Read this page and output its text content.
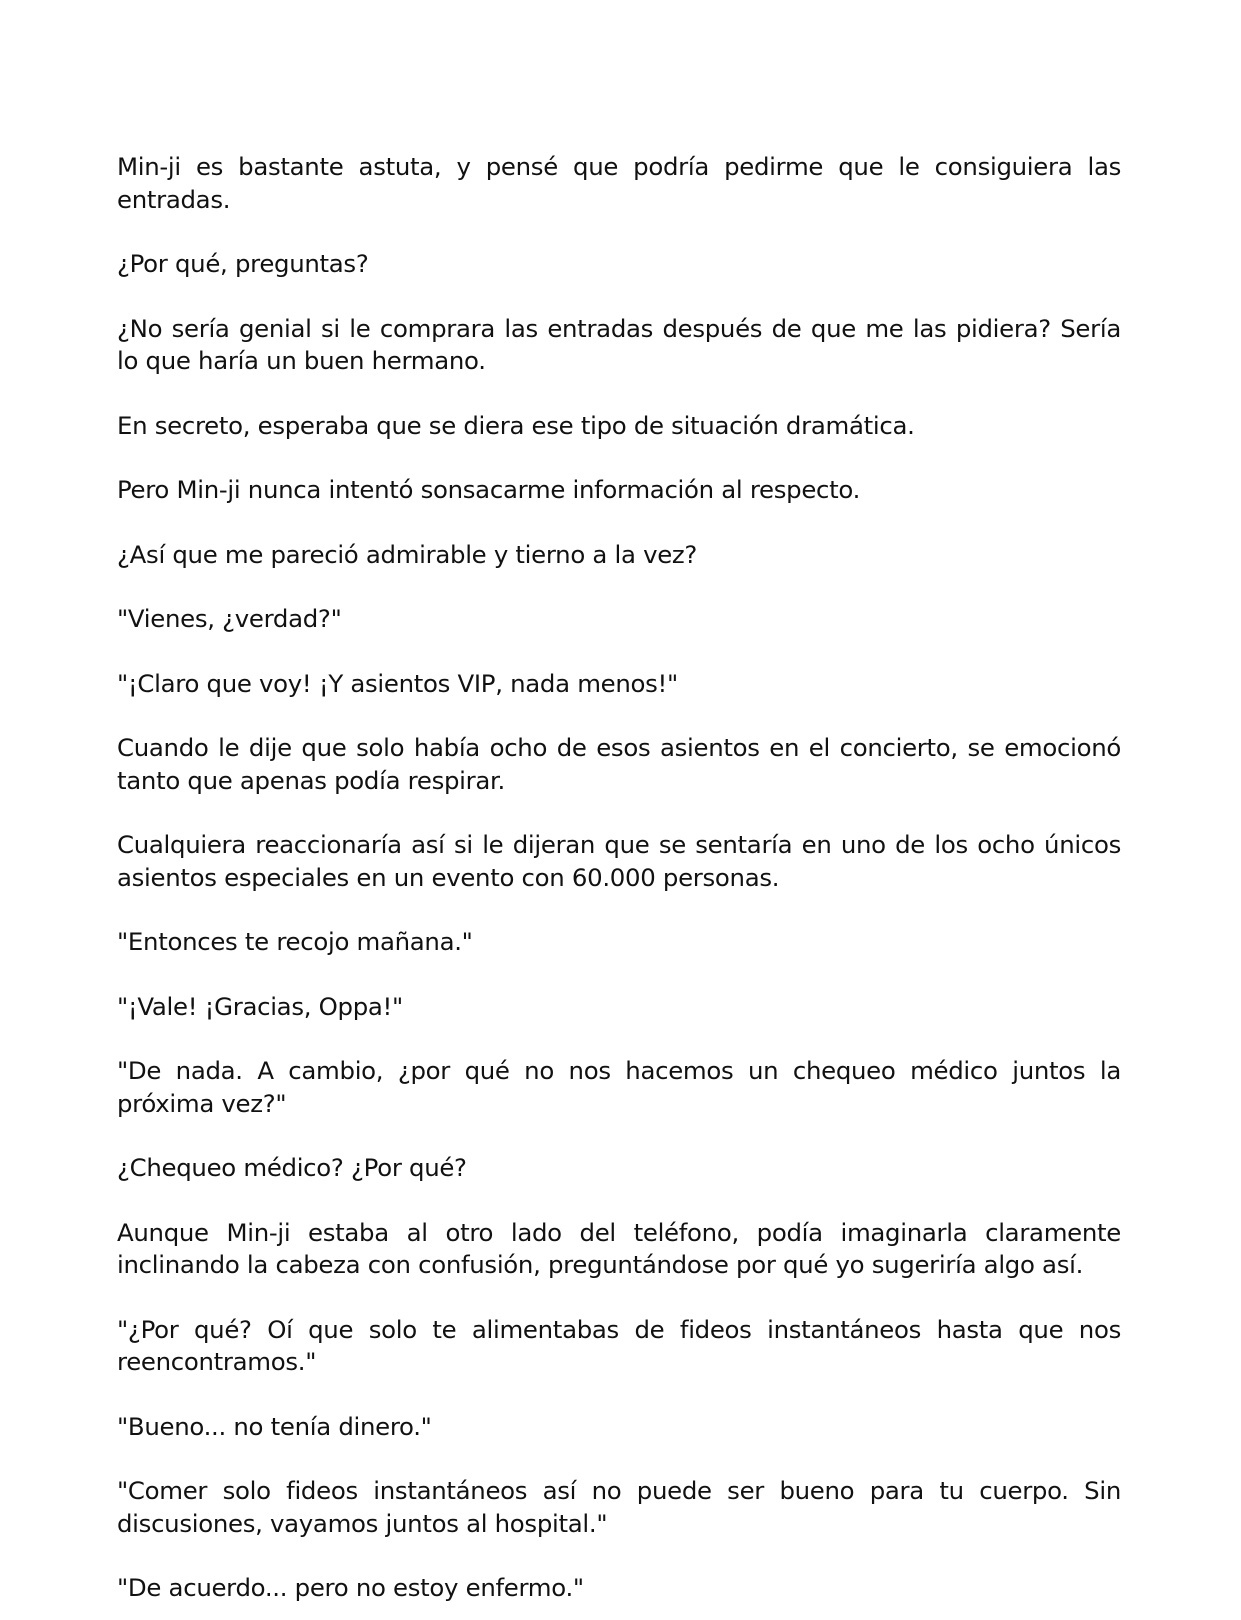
Min-ji es bastante astuta, y pensé que podría pedirme que le consiguiera las entradas.

¿Por qué, preguntas?

¿No sería genial si le comprara las entradas después de que me las pidiera? Sería lo que haría un buen hermano.

En secreto, esperaba que se diera ese tipo de situación dramática.

Pero Min-ji nunca intentó sonsacarme información al respecto.

¿Así que me pareció admirable y tierno a la vez?

"Vienes, ¿verdad?"

"¡Claro que voy! ¡Y asientos VIP, nada menos!"

Cuando le dije que solo había ocho de esos asientos en el concierto, se emocionó tanto que apenas podía respirar.

Cualquiera reaccionaría así si le dijeran que se sentaría en uno de los ocho únicos asientos especiales en un evento con 60.000 personas.

"Entonces te recojo mañana."

"¡Vale! ¡Gracias, Oppa!"

"De nada. A cambio, ¿por qué no nos hacemos un chequeo médico juntos la próxima vez?"

¿Chequeo médico? ¿Por qué?

Aunque Min-ji estaba al otro lado del teléfono, podía imaginarla claramente inclinando la cabeza con confusión, preguntándose por qué yo sugeriría algo así.

"¿Por qué? Oí que solo te alimentabas de fideos instantáneos hasta que nos reencontramos."

"Bueno... no tenía dinero."

"Comer solo fideos instantáneos así no puede ser bueno para tu cuerpo. Sin discusiones, vayamos juntos al hospital."

"De acuerdo... pero no estoy enfermo."
